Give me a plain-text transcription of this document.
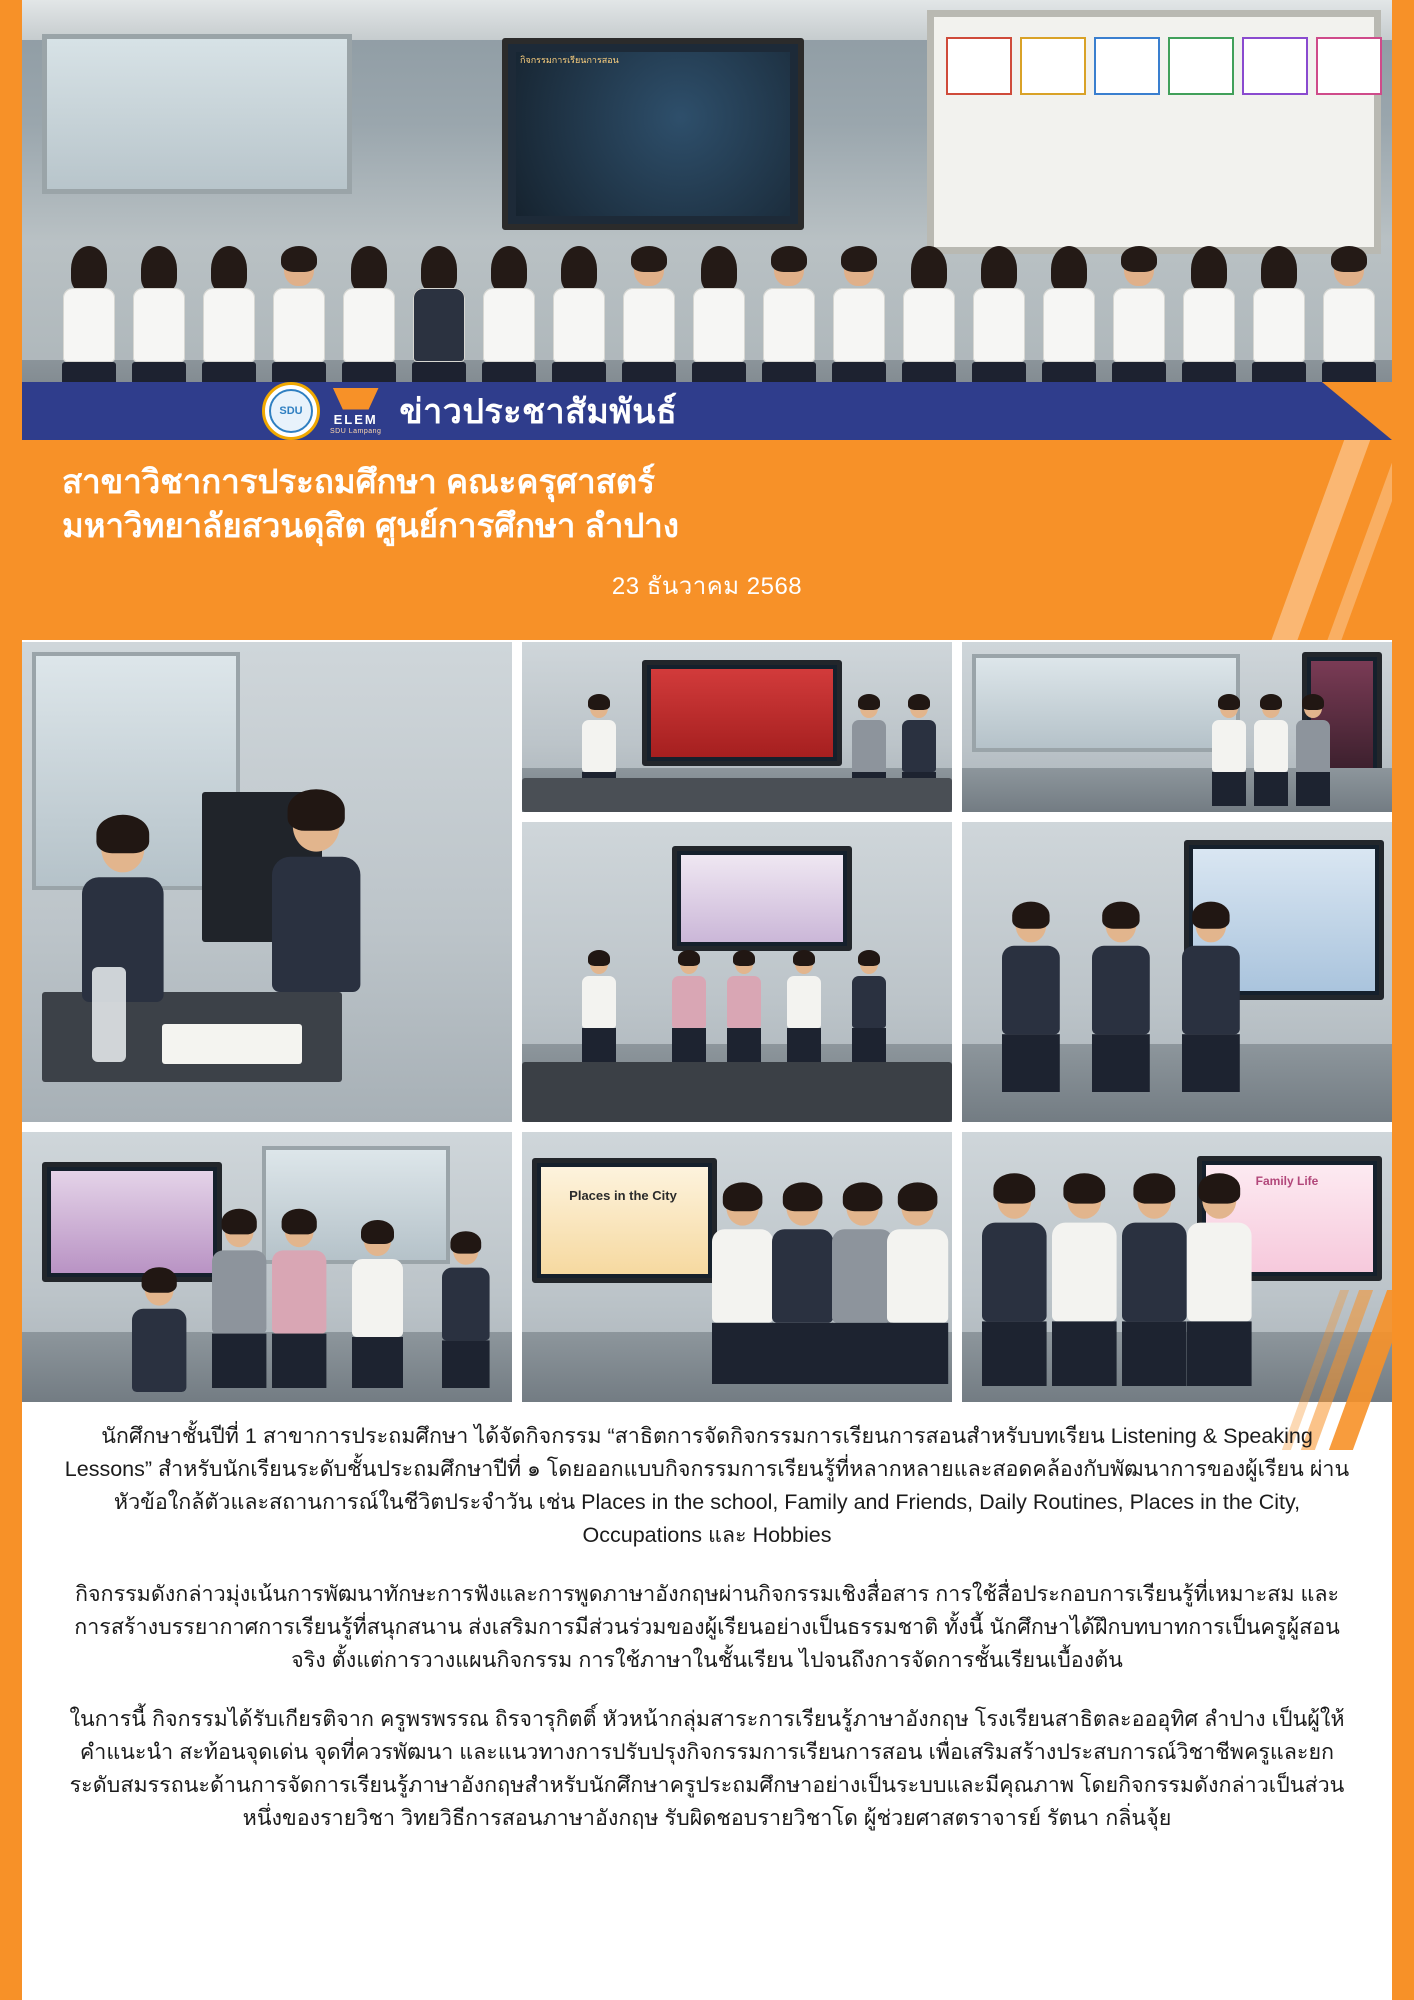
กิจกรรมการเรียนการสอน
SDU
ELEM
SDU Lampang ข่าวประชาสัมพันธ์
สาขาวิชาการประถมศึกษา คณะครุศาสตร์
มหาวิทยาลัยสวนดุสิต ศูนย์การศึกษา ลำปาง
23 ธันวาคม 2568
Places in the City
Family Life
นักศึกษาชั้นปีที่ 1 สาขาการประถมศึกษา ได้จัดกิจกรรม “สาธิตการจัดกิจกรรมการเรียนการสอนสำหรับบทเรียน Listening & Speaking Lessons” สำหรับนักเรียนระดับชั้นประถมศึกษาปีที่ ๑ โดยออกแบบกิจกรรมการเรียนรู้ที่หลากหลายและสอดคล้องกับพัฒนาการของผู้เรียน ผ่านหัวข้อใกล้ตัวและสถานการณ์ในชีวิตประจำวัน เช่น Places in the school, Family and Friends, Daily Routines, Places in the City, Occupations และ Hobbies
กิจกรรมดังกล่าวมุ่งเน้นการพัฒนาทักษะการฟังและการพูดภาษาอังกฤษผ่านกิจกรรมเชิงสื่อสาร การใช้สื่อประกอบการเรียนรู้ที่เหมาะสม และการสร้างบรรยากาศการเรียนรู้ที่สนุกสนาน ส่งเสริมการมีส่วนร่วมของผู้เรียนอย่างเป็นธรรมชาติ ทั้งนี้ นักศึกษาได้ฝึกบทบาทการเป็นครูผู้สอนจริง ตั้งแต่การวางแผนกิจกรรม การใช้ภาษาในชั้นเรียน ไปจนถึงการจัดการชั้นเรียนเบื้องต้น
ในการนี้ กิจกรรมได้รับเกียรติจาก ครูพรพรรณ ถิรจารุกิตติ์ หัวหน้ากลุ่มสาระการเรียนรู้ภาษาอังกฤษ โรงเรียนสาธิตละอออุทิศ ลำปาง เป็นผู้ให้คำแนะนำ สะท้อนจุดเด่น จุดที่ควรพัฒนา และแนวทางการปรับปรุงกิจกรรมการเรียนการสอน เพื่อเสริมสร้างประสบการณ์วิชาชีพครูและยกระดับสมรรถนะด้านการจัดการเรียนรู้ภาษาอังกฤษสำหรับนักศึกษาครูประถมศึกษาอย่างเป็นระบบและมีคุณภาพ โดยกิจกรรมดังกล่าวเป็นส่วนหนึ่งของรายวิชา วิทยวิธีการสอนภาษาอังกฤษ รับผิดชอบรายวิชาโด ผู้ช่วยศาสตราจารย์ รัตนา กลิ่นจุ้ย
